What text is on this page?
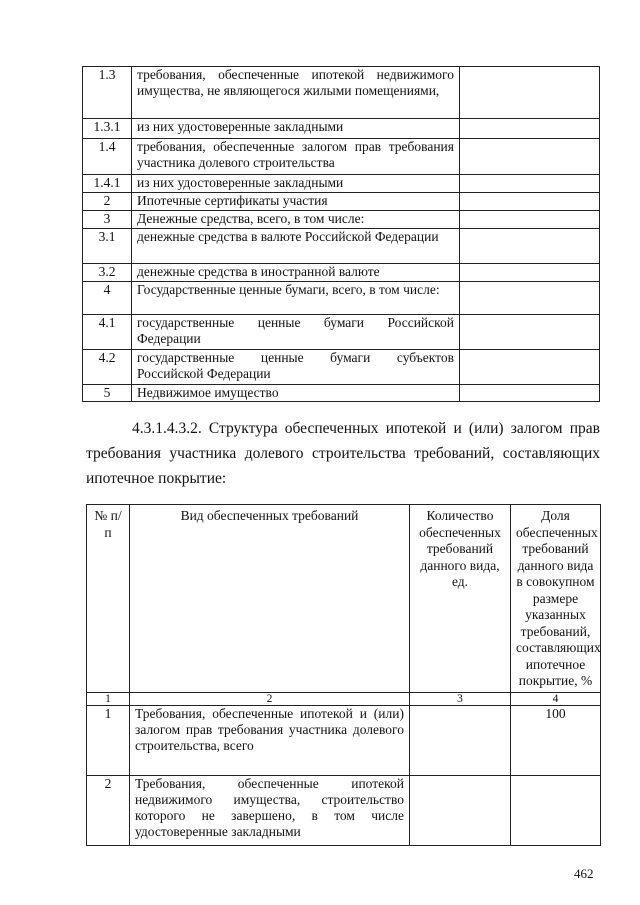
1.3	требования, обеспеченные ипотекой недвижимого имущества, не являющегося жилыми помещениями,	
1.3.1	из них удостоверенные закладными	
1.4	требования, обеспеченные залогом прав требования участника долевого строительства	
1.4.1	из них удостоверенные закладными	
2	Ипотечные сертификаты участия	
3	Денежные средства, всего, в том числе:	
3.1	денежные средства в валюте Российской Федерации	
3.2	денежные средства в иностранной валюте	
4	Государственные ценные бумаги, всего, в том числе:	
4.1	государственные ценные бумаги Российской Федерации	
4.2	государственные ценные бумаги субъектов Российской Федерации	
5	Недвижимое имущество	
4.3.1.4.3.2. Структура обеспеченных ипотекой и (или) залогом прав требования участника долевого строительства требований, составляющих ипотечное покрытие:
№ п/п	Вид обеспеченных требований	Количество обеспеченных требований данного вида, ед.	Доля обеспеченных требований данного вида в совокупном размере указанных требований, составляющих ипотечное покрытие, %
1	2	3	4
1	Требования, обеспеченные ипотекой и (или) залогом прав требования участника долевого строительства, всего		100
2	Требования, обеспеченные ипотекой недвижимого имущества, строительство которого не завершено, в том числе удостоверенные закладными		
462
